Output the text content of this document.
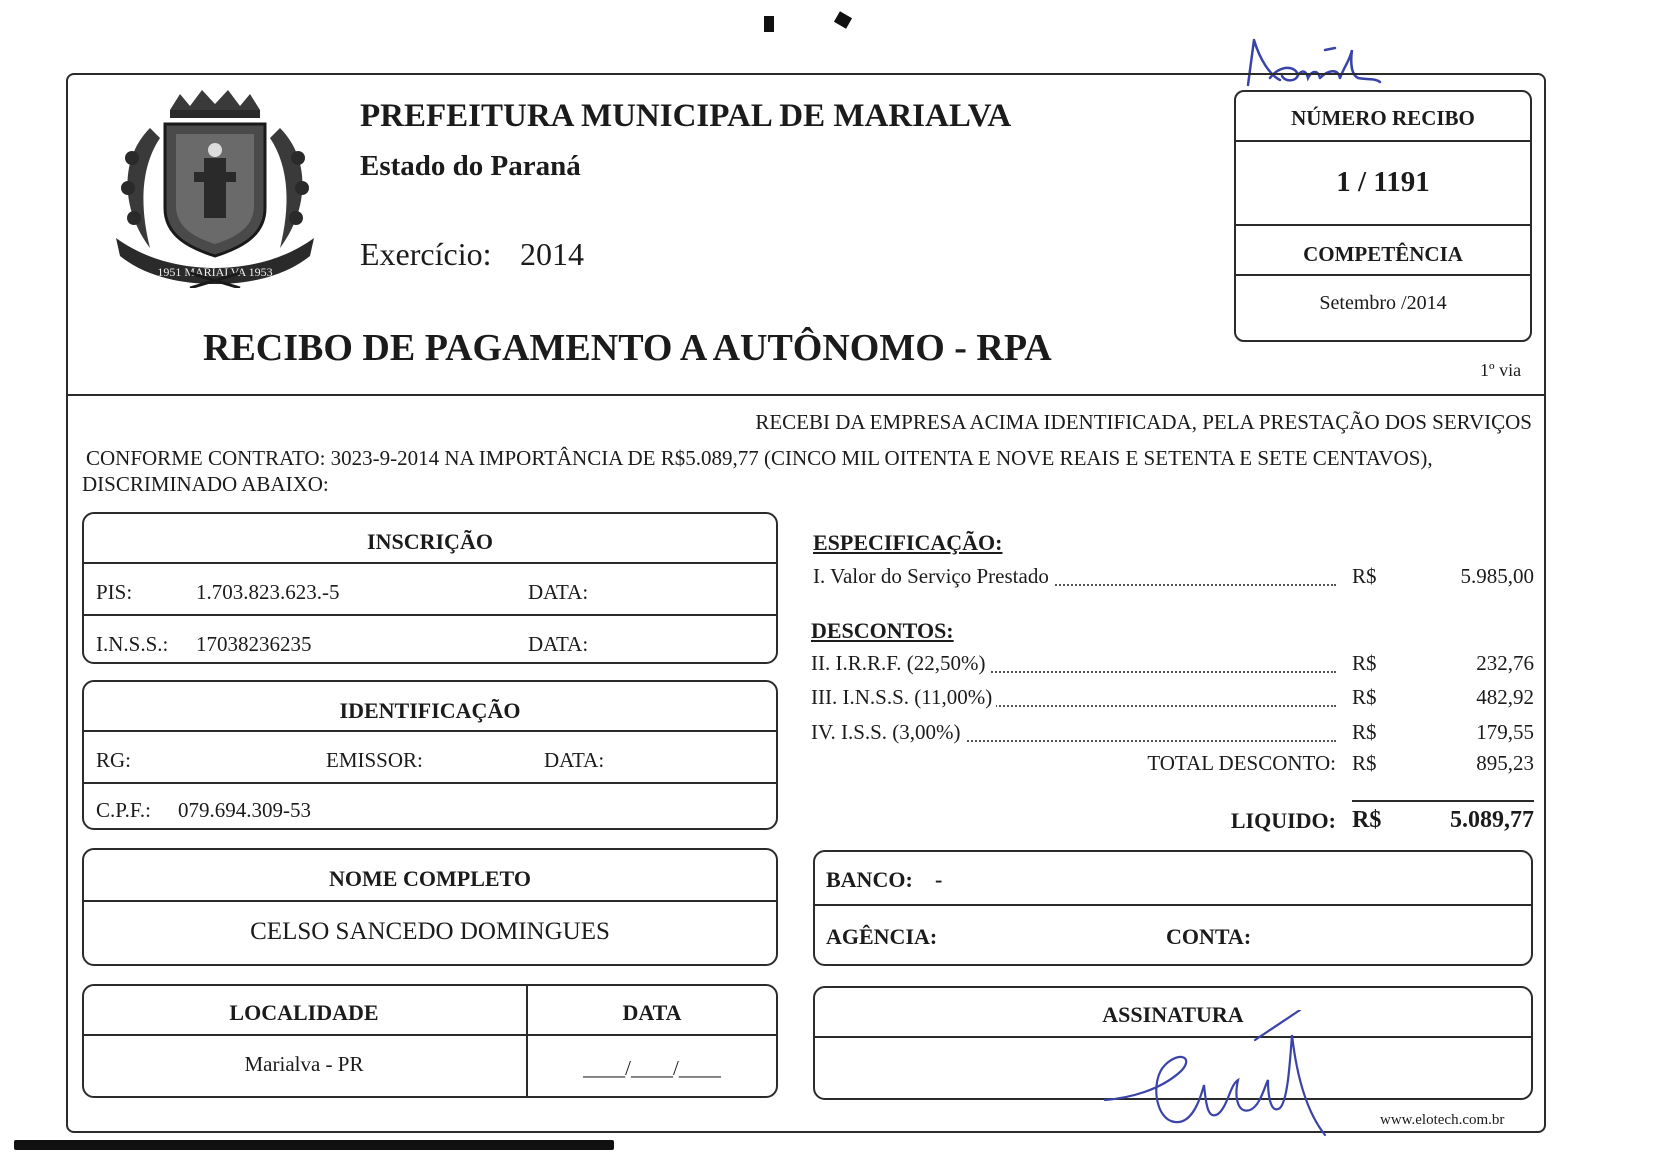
1951 MARIALVA 1953
PREFEITURA MUNICIPAL DE MARIALVA
Estado do Paraná
Exercício: 2014
RECIBO DE PAGAMENTO A AUTÔNOMO - RPA
1º via
NÚMERO RECIBO
1 / 1191
COMPETÊNCIA
Setembro /2014
RECEBI DA EMPRESA ACIMA IDENTIFICADA, PELA PRESTAÇÃO DOS SERVIÇOS
CONFORME CONTRATO: 3023-9-2014 NA IMPORTÂNCIA DE R$5.089,77 (CINCO MIL OITENTA E NOVE REAIS E SETENTA E SETE CENTAVOS),
DISCRIMINADO ABAIXO:
INSCRIÇÃO
PIS:	1.703.823.623.-5	DATA:
I.N.S.S.: 17038236235	DATA:
IDENTIFICAÇÃO
RG:	EMISSOR:	DATA:
C.P.F.: 079.694.309-53
NOME COMPLETO
CELSO SANCEDO DOMINGUES
LOCALIDADE	DATA
Marialva - PR	____/____/____
ESPECIFICAÇÃO:
I. Valor do Serviço Prestado	R$	5.985,00
DESCONTOS:
II. I.R.R.F. (22,50%)	R$	232,76
III. I.N.S.S. (11,00%)	R$	482,92
IV. I.S.S. (3,00%)	R$	179,55
TOTAL DESCONTO: R$	895,23
LIQUIDO: R$	5.089,77
BANCO: -
AGÊNCIA:	CONTA:
ASSINATURA
www.elotech.com.br
